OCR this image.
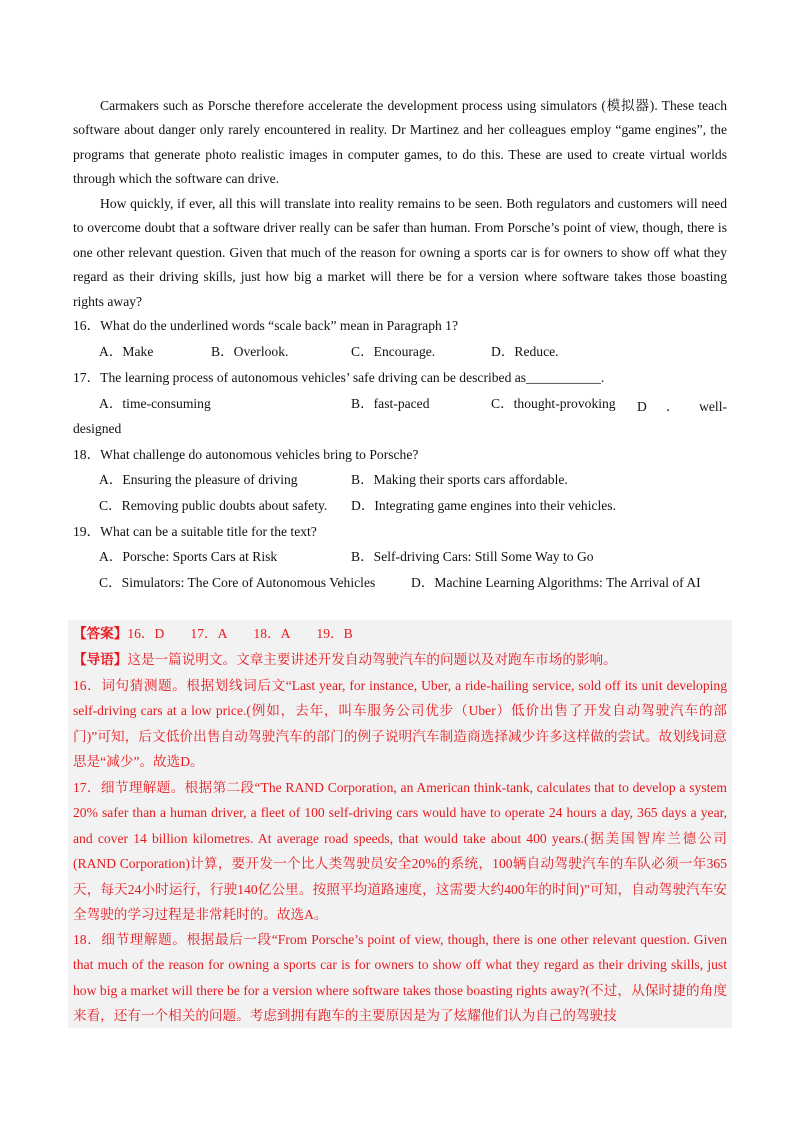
Carmakers such as Porsche therefore accelerate the development process using simulators (模拟器). These teach software about danger only rarely encountered in reality. Dr Martinez and her colleagues employ “game engines”, the programs that generate photo realistic images in computer games, to do this. These are used to create virtual worlds through which the software can drive.

How quickly, if ever, all this will translate into reality remains to be seen. Both regulators and customers will need to overcome doubt that a software driver really can be safer than human. From Porsche’s point of view, though, there is one other relevant question. Given that much of the reason for owning a sports car is for owners to show off what they regard as their driving skills, just how big a market will there be for a version where software takes those boasting rights away?

16．What do the underlined words “scale back” mean in Paragraph 1?
A．Make	B．Overlook.	C．Encourage.	D．Reduce.
17．The learning process of autonomous vehicles’ safe driving can be described as___________.
A．time-consuming	B．fast-paced	C．thought-provoking D ． well-
designed
18．What challenge do autonomous vehicles bring to Porsche?
A．Ensuring the pleasure of driving	B．Making their sports cars affordable.
C．Removing public doubts about safety. D．Integrating game engines into their vehicles.
19．What can be a suitable title for the text?
A．Porsche: Sports Cars at Risk	B．Self-driving Cars: Still Some Way to Go
C．Simulators: The Core of Autonomous Vehicles	D．Machine Learning Algorithms: The Arrival of AI
【答案】16．D 17．A 18．A 19．B
【导语】这是一篇说明文。文章主要讲述开发自动驾驶汽车的问题以及对跑车市场的影响。

16．词句猜测题。根据划线词后文“Last year, for instance, Uber, a ride-hailing service, sold off its unit developing self-driving cars at a low price.(例如，去年，叫车服务公司优步（Uber）低价出售了开发自动驾驶汽车的部门)”可知，后文低价出售自动驾驶汽车的部门的例子说明汽车制造商选择减少许多这样做的尝试。故划线词意思是“减少”。故选D。

17．细节理解题。根据第二段“The RAND Corporation, an American think-tank, calculates that to develop a system 20% safer than a human driver, a fleet of 100 self-driving cars would have to operate 24 hours a day, 365 days a year, and cover 14 billion kilometres. At average road speeds, that would take about 400 years.(据美国智库兰德公司(RAND Corporation)计算，要开发一个比人类驾驶员安全20%的系统，100辆自动驾驶汽车的车队必须一年365天，每天24小时运行，行驶140亿公里。按照平均道路速度，这需要大约400年的时间)”可知，自动驾驶汽车安全驾驶的学习过程是非常耗时的。故选A。

18．细节理解题。根据最后一段“From Porsche’s point of view, though, there is one other relevant question. Given that much of the reason for owning a sports car is for owners to show off what they regard as their driving skills, just how big a market will there be for a version where software takes those boasting rights away?(不过，从保时捷的角度来看，还有一个相关的问题。考虑到拥有跑车的主要原因是为了炫耀他们认为自己的驾驶技
